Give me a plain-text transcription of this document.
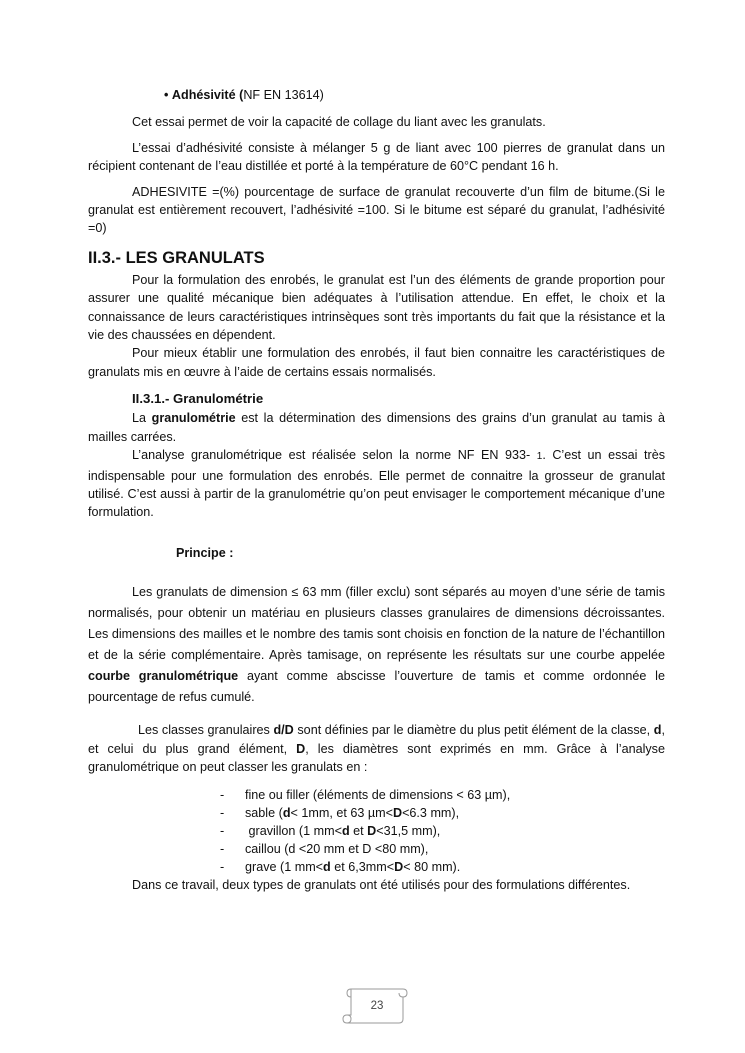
• Adhésivité (NF EN 13614)

Cet essai permet de voir la capacité de collage du liant avec les granulats.

L’essai d’adhésivité consiste à mélanger 5 g de liant avec 100 pierres de granulat dans un récipient contenant de l’eau distillée et porté à la température de 60°C pendant 16 h.

ADHESIVITE =(%) pourcentage de surface de granulat recouverte d’un film de bitume.(Si le granulat est entièrement recouvert, l’adhésivité =100. Si le bitume est séparé du granulat, l’adhésivité =0)

II.3.- LES GRANULATS

Pour la formulation des enrobés, le granulat est l’un des éléments de grande proportion pour assurer une qualité mécanique bien adéquates à l’utilisation attendue. En effet, le choix et la connaissance de leurs caractéristiques intrinsèques sont très importants du fait que la résistance et la vie des chaussées en dépendent.

Pour mieux établir une formulation des enrobés, il faut bien connaitre les caractéristiques de granulats mis en œuvre à l’aide de certains essais normalisés.

II.3.1.- Granulométrie

La granulométrie est la détermination des dimensions des grains d’un granulat au tamis à mailles carrées.

L’analyse granulométrique est réalisée selon la norme NF EN 933- 1. C’est un essai très indispensable pour une formulation des enrobés. Elle permet de connaitre la grosseur de granulat utilisé. C’est aussi à partir de la granulométrie qu’on peut envisager le comportement mécanique d’une formulation.

Principe :

Les granulats de dimension ≤ 63 mm (filler exclu) sont séparés au moyen d’une série de tamis normalisés, pour obtenir un matériau en plusieurs classes granulaires de dimensions décroissantes. Les dimensions des mailles et le nombre des tamis sont choisis en fonction de la nature de l’échantillon et de la série complémentaire. Après tamisage, on représente les résultats sur une courbe appelée courbe granulométrique ayant comme abscisse l’ouverture de tamis et comme ordonnée le pourcentage de refus cumulé.

Les classes granulaires d/D sont définies par le diamètre du plus petit élément de la classe, d, et celui du plus grand élément, D, les diamètres sont exprimés en mm. Grâce à l’analyse granulométrique on peut classer les granulats en :

- fine ou filler (éléments de dimensions < 63 µm),
- sable (d< 1mm, et 63 µm<D<6.3 mm),
- gravillon (1 mm<d et D<31,5 mm),
- caillou (d <20 mm et D <80 mm),
- grave (1 mm<d et 6,3mm<D< 80 mm).

Dans ce travail, deux types de granulats ont été utilisés pour des formulations différentes.

23
